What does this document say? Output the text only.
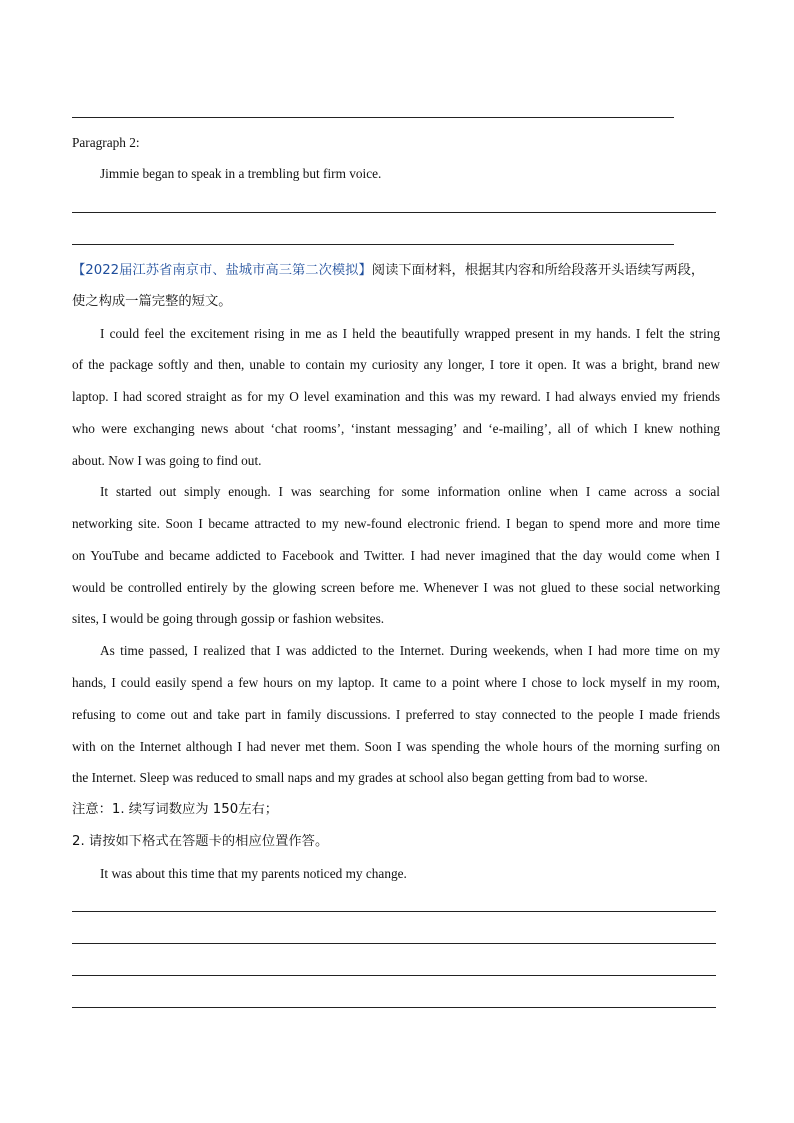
Paragraph 2:
Jimmie began to speak in a trembling but firm voice.
【2022届江苏省南京市、盐城市高三第二次模拟】阅读下面材料，根据其内容和所给段落开头语续写两段，
使之构成一篇完整的短文。
I could feel the excitement rising in me as I held the beautifully wrapped present in my hands. I felt the string
of the package softly and then, unable to contain my curiosity any longer, I tore it open. It was a bright, brand new
laptop. I had scored straight as for my O level examination and this was my reward. I had always envied my friends
who were exchanging news about ‘chat rooms’, ‘instant messaging’ and ‘e-mailing’, all of which I knew nothing
about. Now I was going to find out.
It started out simply enough. I was searching for some information online when I came across a social
networking site. Soon I became attracted to my new-found electronic friend. I began to spend more and more time
on YouTube and became addicted to Facebook and Twitter. I had never imagined that the day would come when I
would be controlled entirely by the glowing screen before me. Whenever I was not glued to these social networking
sites, I would be going through gossip or fashion websites.
As time passed, I realized that I was addicted to the Internet. During weekends, when I had more time on my
hands, I could easily spend a few hours on my laptop. It came to a point where I chose to lock myself in my room,
refusing to come out and take part in family discussions. I preferred to stay connected to the people I made friends
with on the Internet although I had never met them. Soon I was spending the whole hours of the morning surfing on
the Internet. Sleep was reduced to small naps and my grades at school also began getting from bad to worse.
注意：1. 续写词数应为 150左右；
2. 请按如下格式在答题卡的相应位置作答。
It was about this time that my parents noticed my change.
